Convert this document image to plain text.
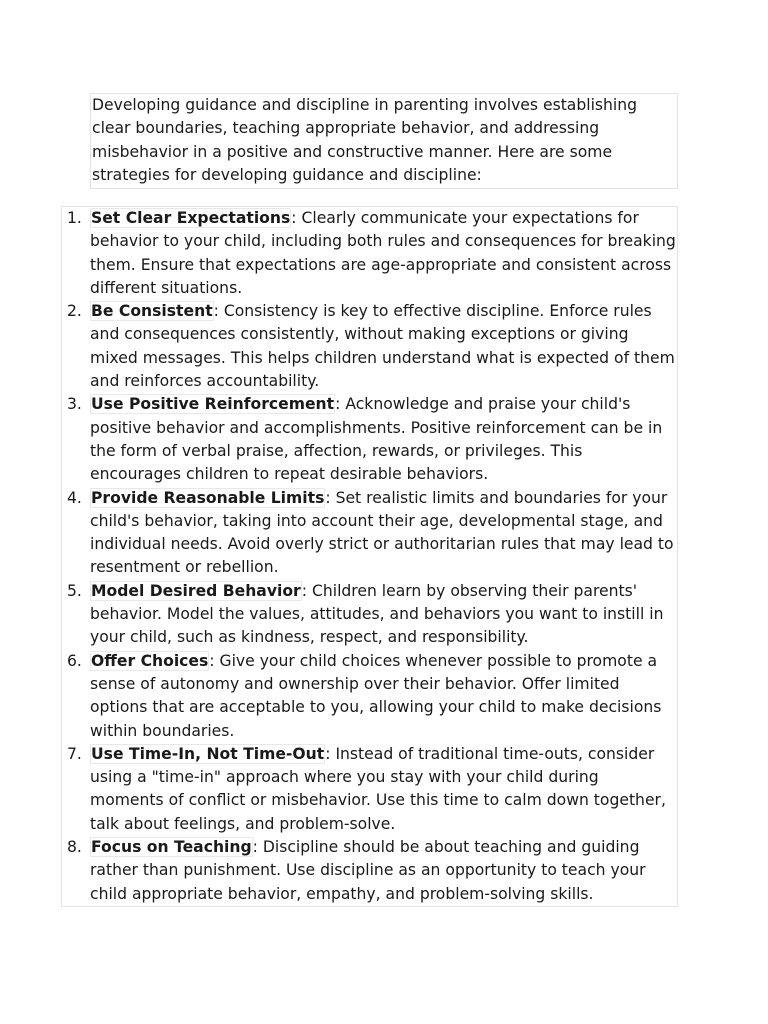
Developing guidance and discipline in parenting involves establishing clear boundaries, teaching appropriate behavior, and addressing misbehavior in a positive and constructive manner. Here are some strategies for developing guidance and discipline:
1. Set Clear Expectations: Clearly communicate your expectations for behavior to your child, including both rules and consequences for breaking them. Ensure that expectations are age-appropriate and consistent across different situations.
2. Be Consistent: Consistency is key to effective discipline. Enforce rules and consequences consistently, without making exceptions or giving mixed messages. This helps children understand what is expected of them and reinforces accountability.
3. Use Positive Reinforcement: Acknowledge and praise your child's positive behavior and accomplishments. Positive reinforcement can be in the form of verbal praise, affection, rewards, or privileges. This encourages children to repeat desirable behaviors.
4. Provide Reasonable Limits: Set realistic limits and boundaries for your child's behavior, taking into account their age, developmental stage, and individual needs. Avoid overly strict or authoritarian rules that may lead to resentment or rebellion.
5. Model Desired Behavior: Children learn by observing their parents' behavior. Model the values, attitudes, and behaviors you want to instill in your child, such as kindness, respect, and responsibility.
6. Offer Choices: Give your child choices whenever possible to promote a sense of autonomy and ownership over their behavior. Offer limited options that are acceptable to you, allowing your child to make decisions within boundaries.
7. Use Time-In, Not Time-Out: Instead of traditional time-outs, consider using a "time-in" approach where you stay with your child during moments of conflict or misbehavior. Use this time to calm down together, talk about feelings, and problem-solve.
8. Focus on Teaching: Discipline should be about teaching and guiding rather than punishment. Use discipline as an opportunity to teach your child appropriate behavior, empathy, and problem-solving skills.
